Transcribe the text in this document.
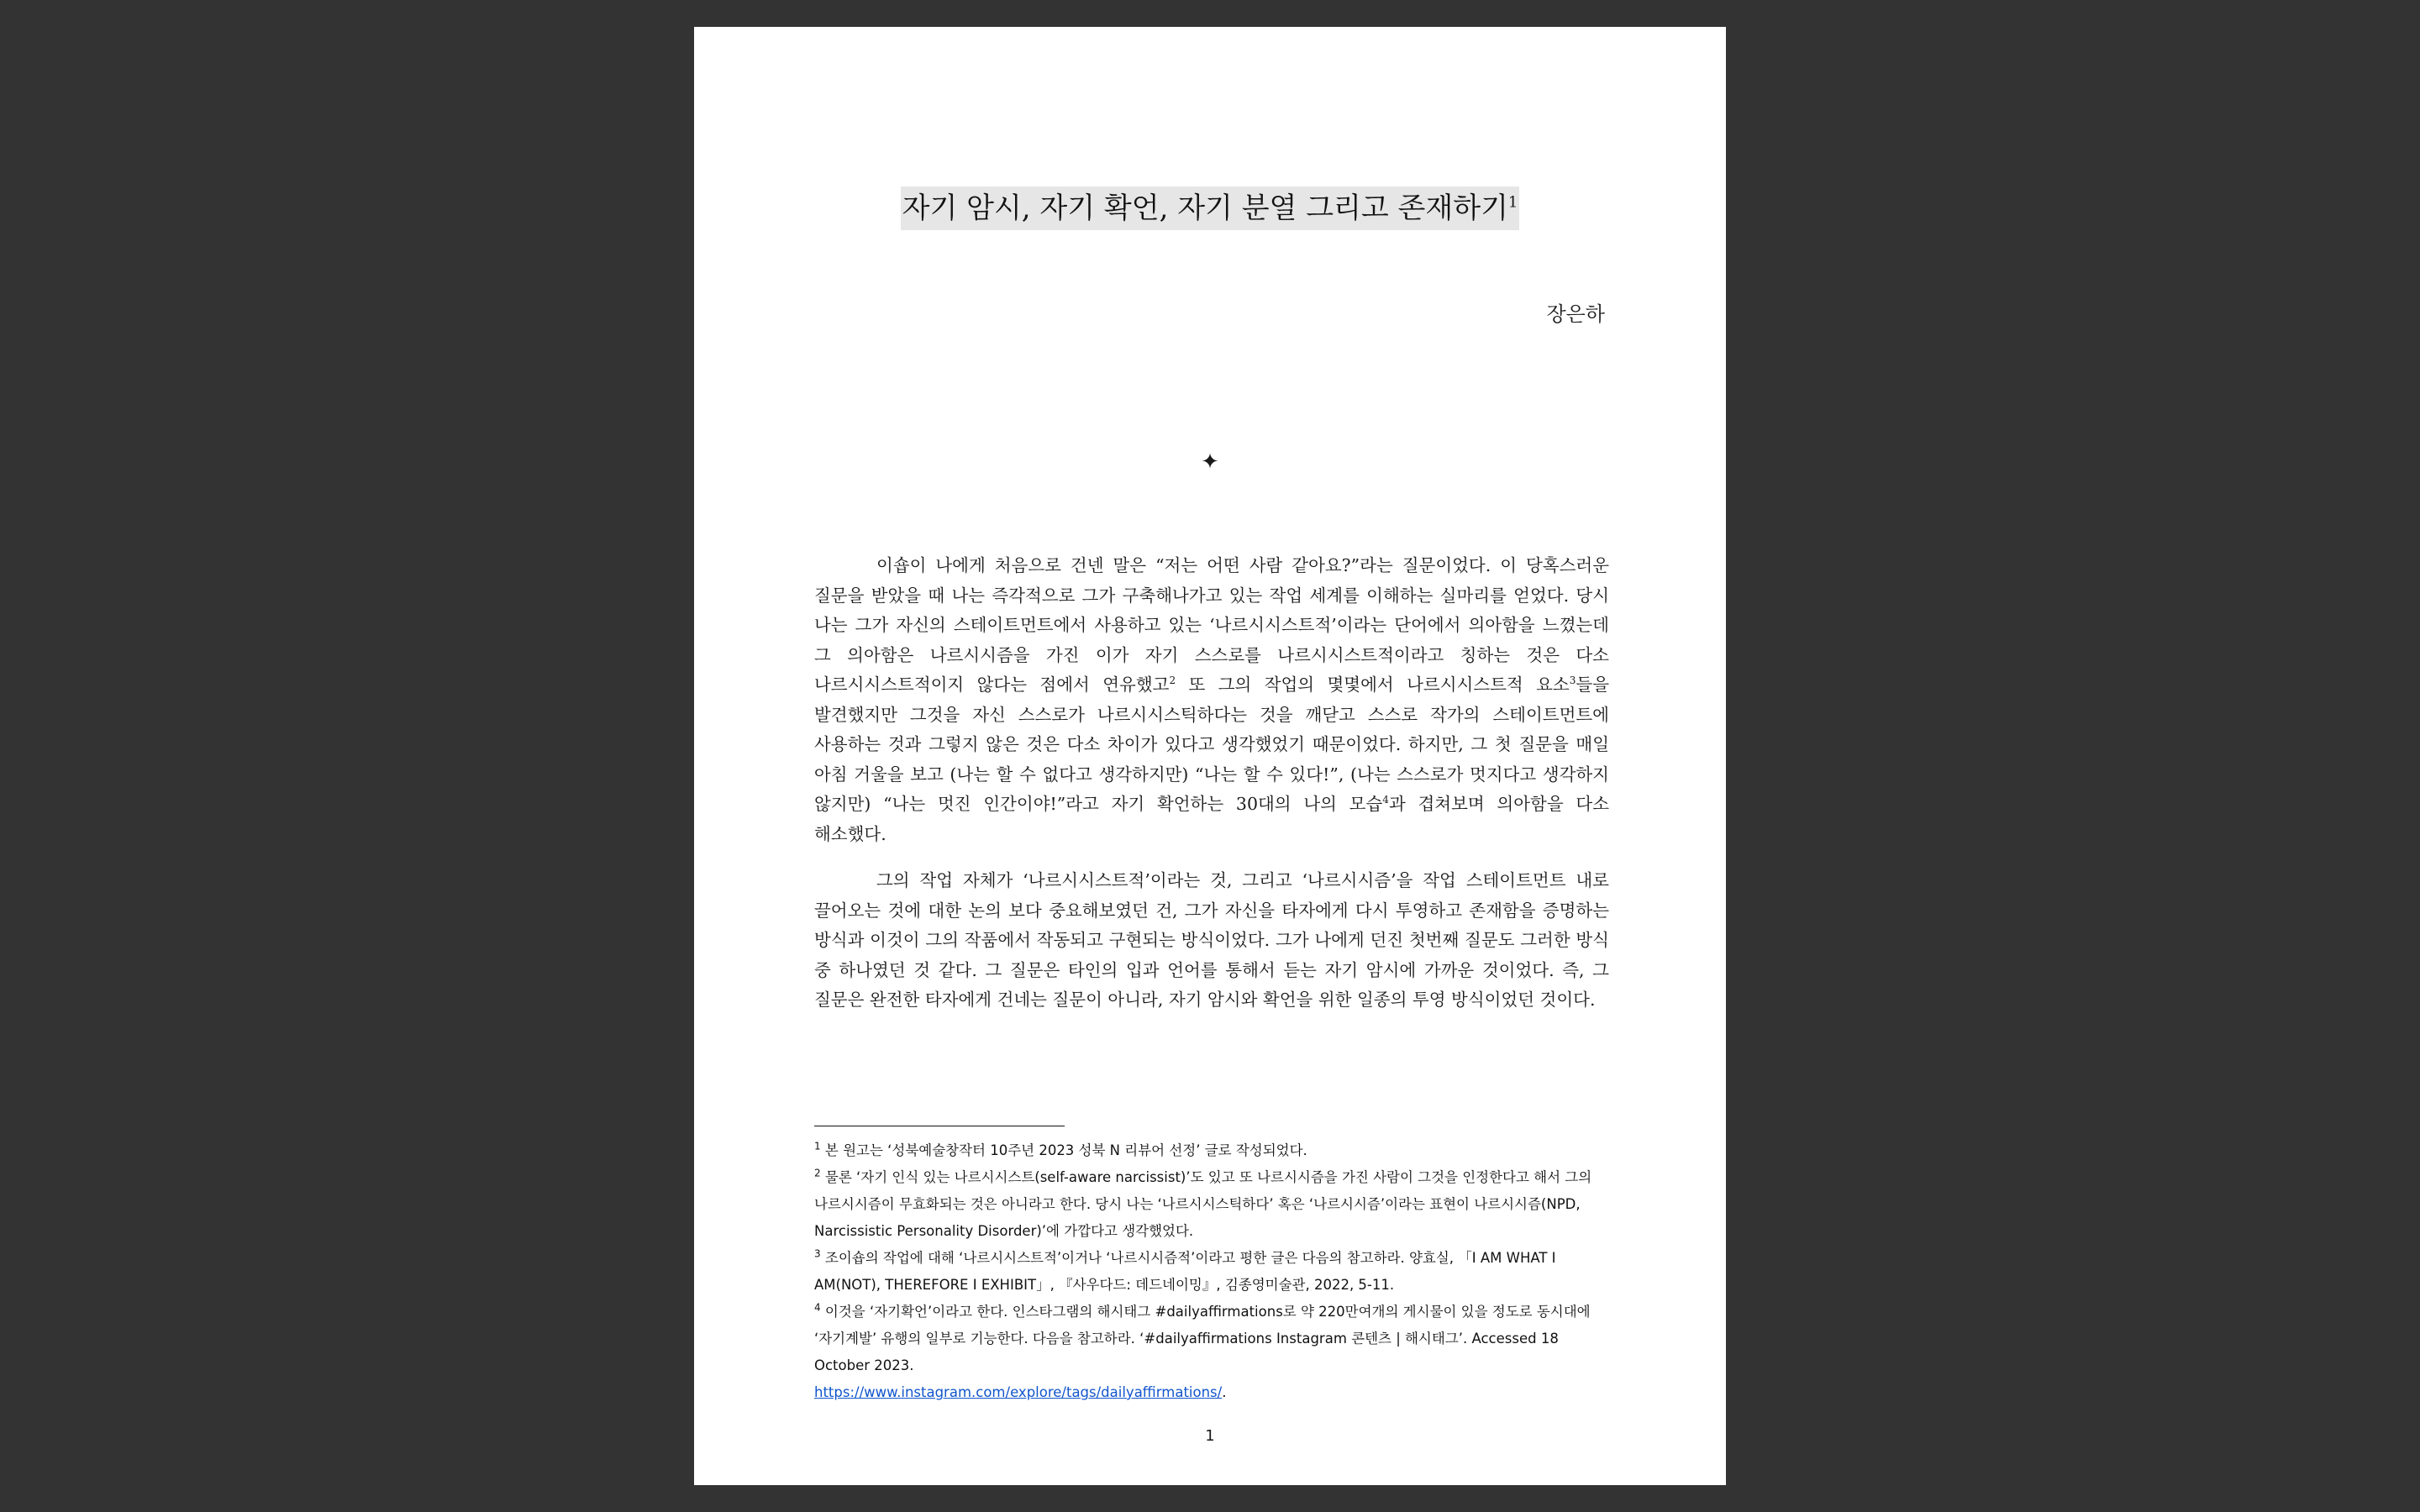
자기 암시, 자기 확언, 자기 분열 그리고 존재하기$^1$
장은하
✦

이숍이 나에게 처음으로 건넨 말은 “저는 어떤 사람 같아요?”라는 질문이었다. 이 당혹스러운 질문을 받았을 때 나는 즉각적으로 그가 구축해나가고 있는 작업 세계를 이해하는 실마리를 얻었다. 당시 나는 그가 자신의 스테이트먼트에서 사용하고 있는 ‘나르시시스트적’이라는 단어에서 의아함을 느꼈는데 그 의아함은 나르시시즘을 가진 이가 자기 스스로를 나르시시스트적이라고 칭하는 것은 다소 나르시시스트적이지 않다는 점에서 연유했고$^2$ 또 그의 작업의 몇몇에서 나르시시스트적 요소$^3$들을 발견했지만 그것을 자신 스스로가 나르시시스틱하다는 것을 깨닫고 스스로 작가의 스테이트먼트에 사용하는 것과 그렇지 않은 것은 다소 차이가 있다고 생각했었기 때문이었다. 하지만, 그 첫 질문을 매일 아침 거울을 보고 (나는 할 수 없다고 생각하지만) “나는 할 수 있다!”, (나는 스스로가 멋지다고 생각하지 않지만) “나는 멋진 인간이야!”라고 자기 확언하는 30대의 나의 모습$^4$과 겹쳐보며 의아함을 다소 해소했다.

그의 작업 자체가 ‘나르시시스트적’이라는 것, 그리고 ‘나르시시즘’을 작업 스테이트먼트 내로 끌어오는 것에 대한 논의 보다 중요해보였던 건, 그가 자신을 타자에게 다시 투영하고 존재함을 증명하는 방식과 이것이 그의 작품에서 작동되고 구현되는 방식이었다. 그가 나에게 던진 첫번째 질문도 그러한 방식 중 하나였던 것 같다. 그 질문은 타인의 입과 언어를 통해서 듣는 자기 암시에 가까운 것이었다. 즉, 그 질문은 완전한 타자에게 건네는 질문이 아니라, 자기 암시와 확언을 위한 일종의 투영 방식이었던 것이다.

$^1$ 본 원고는 ‘성북예술창작터 10주년 2023 성북 N 리뷰어 선정’ 글로 작성되었다.

$^2$ 물론 ‘자기 인식 있는 나르시시스트(self-aware narcissist)’도 있고 또 나르시시즘을 가진 사람이 그것을 인정한다고 해서 그의 나르시시즘이 무효화되는 것은 아니라고 한다. 당시 나는 ‘나르시시스틱하다’ 혹은 ‘나르시시즘’이라는 표현이 나르시시즘(NPD, Narcissistic Personality Disorder)’에 가깝다고 생각했었다.

$^3$ 조이숍의 작업에 대해 ‘나르시시스트적’이거나 ‘나르시시즘적’이라고 평한 글은 다음의 참고하라. 양효실, 「I AM WHAT I AM(NOT), THEREFORE I EXHIBIT」, 『사우다드: 데드네이밍』, 김종영미술관, 2022, 5-11.

$^4$ 이것을 ‘자기확언’이라고 한다. 인스타그램의 해시태그 #dailyaffirmations로 약 220만여개의 게시물이 있을 정도로 동시대에 ‘자기계발’ 유행의 일부로 기능한다. 다음을 참고하라. ‘#dailyaffirmations Instagram 콘텐츠 | 해시태그’. Accessed 18 October 2023.
https://www.instagram.com/explore/tags/dailyaffirmations/.

1
